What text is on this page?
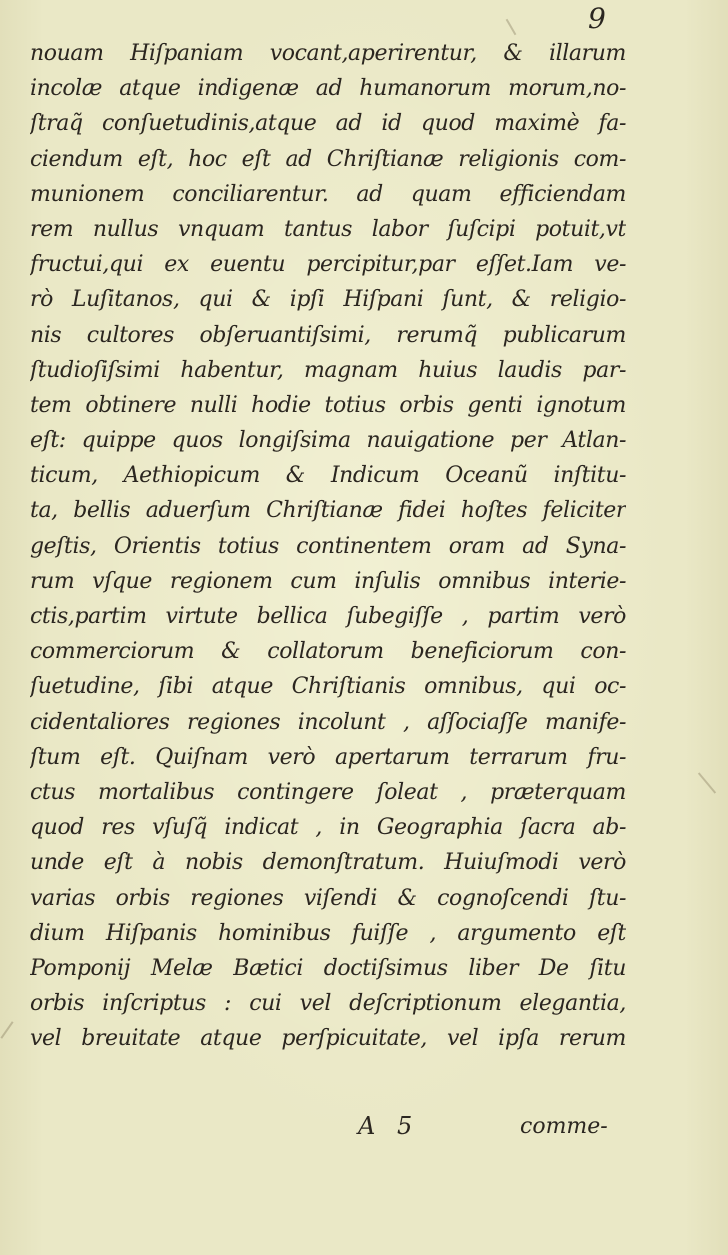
9
nouam Hiſpaniam vocant,aperirentur, & illarum
incolæ atque indigenæ ad humanorum morum,no-
ſtraq̃ conſuetudinis,atque ad id quod maximè fa-
ciendum eſt, hoc eſt ad Chriſtianæ religionis com-
munionem conciliarentur. ad quam efficiendam
rem nullus vnquam tantus labor ſuſcipi potuit,vt
fructui,qui ex euentu percipitur,par eſſet.Iam ve-
rò Luſitanos, qui & ipſi Hiſpani ſunt, & religio-
nis cultores obſeruantiſsimi, rerumq̃ publicarum
ſtudioſiſsimi habentur, magnam huius laudis par-
tem obtinere nulli hodie totius orbis genti ignotum
eſt: quippe quos longiſsima nauigatione per Atlan-
ticum, Aethiopicum & Indicum Oceanũ inſtitu-
ta, bellis aduerſum Chriſtianæ fidei hoſtes feliciter
geſtis, Orientis totius continentem oram ad Syna-
rum vſque regionem cum inſulis omnibus interie-
ctis,partim virtute bellica ſubegiſſe , partim verò
commerciorum & collatorum beneficiorum con-
ſuetudine, ſibi atque Chriſtianis omnibus, qui oc-
cidentaliores regiones incolunt , aſſociaſſe manife-
ſtum eſt. Quiſnam verò apertarum terrarum fru-
ctus mortalibus contingere ſoleat , præterquam
quod res vſuſq̃ indicat , in Geographia ſacra ab-
unde eſt à nobis demonſtratum. Huiuſmodi verò
varias orbis regiones viſendi & cognoſcendi ſtu-
dium Hiſpanis hominibus fuiſſe , argumento eſt
Pomponij Melæ Bætici doctiſsimus liber De ſitu
orbis inſcriptus : cui vel deſcriptionum elegantia,
vel breuitate atque perſpicuitate, vel ipſa rerum
A 5	comme-
